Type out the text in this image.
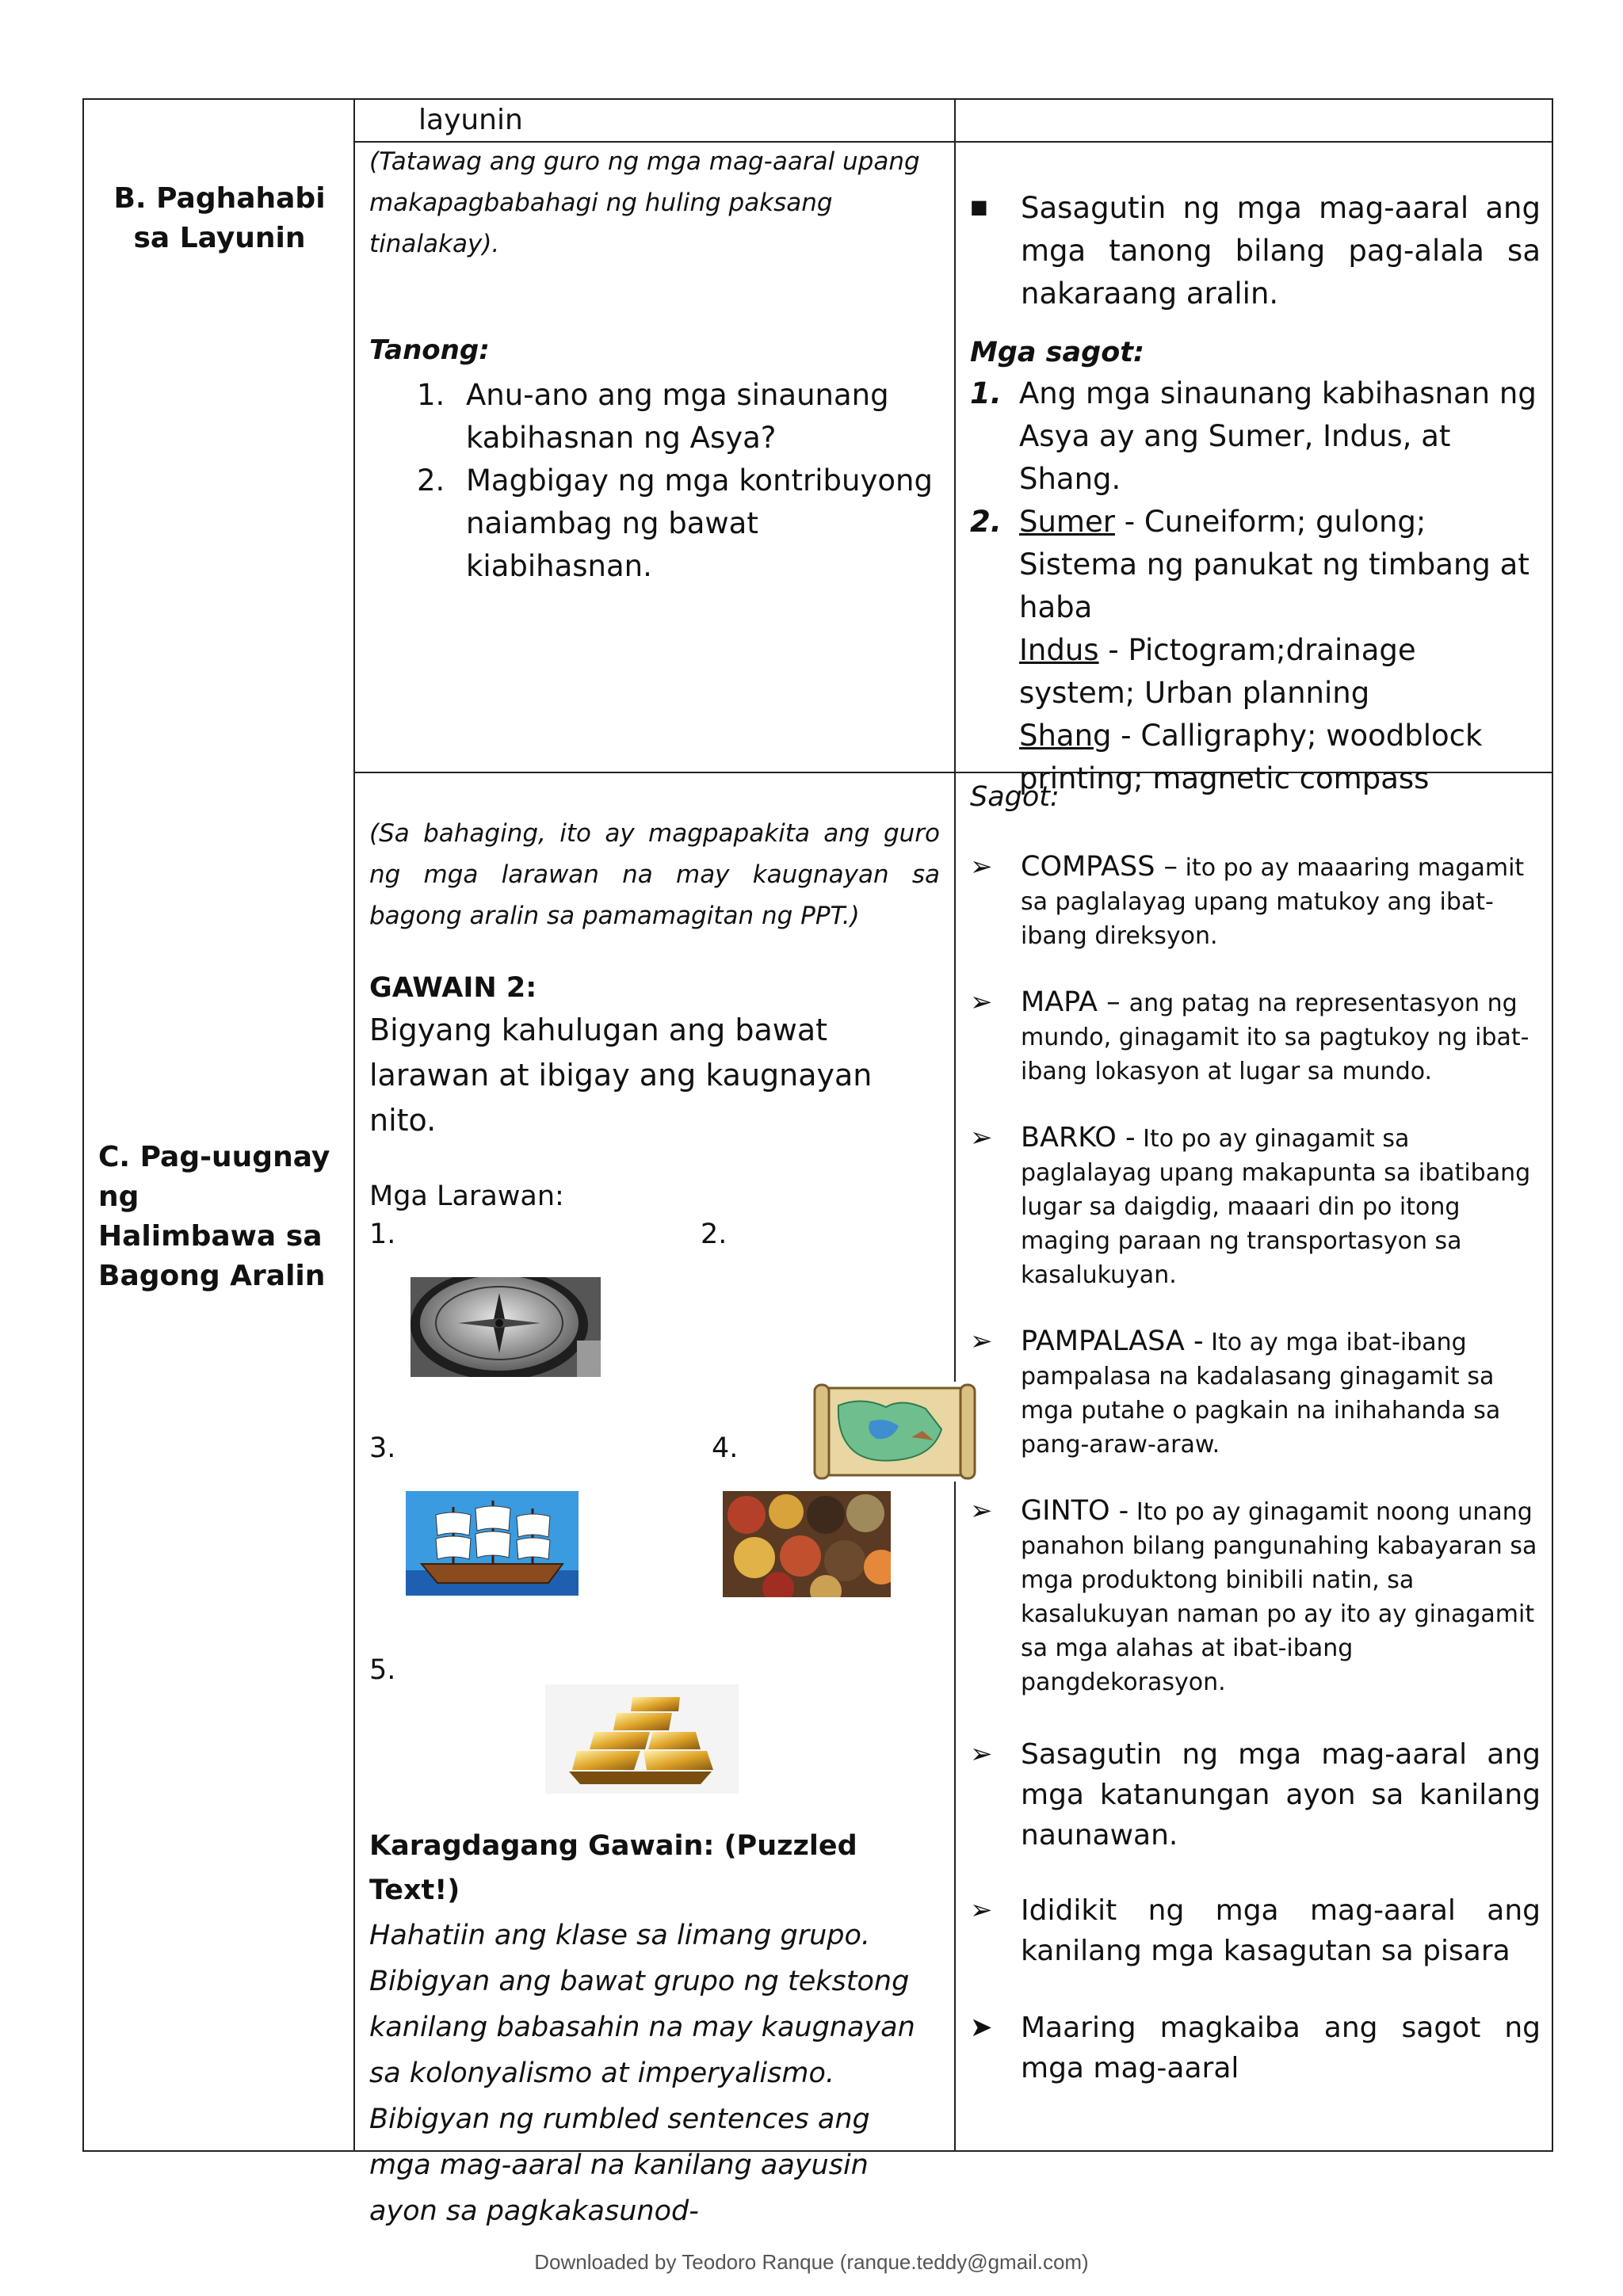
B. Paghahabi sa Layunin
C. Pag-uugnay ng
Halimbawa sa
Bagong Aralin
layunin
(Tatawag ang guro ng mga mag-aaral upang makapagbabahagi ng huling paksang tinalakay).
Tanong:
1. Anu-ano ang mga sinaunang kabihasnan ng Asya?
2. Magbigay ng mga kontribuyong naiambag ng bawat kiabihasnan.
■ Sasagutin ng mga mag-aaral ang mga tanong bilang pag-alala sa nakaraang aralin.
Mga sagot:
1. Ang mga sinaunang kabihasnan ng Asya ay ang Sumer, Indus, at Shang.
2. Sumer - Cuneiform; gulong; Sistema ng panukat ng timbang at haba
Indus - Pictogram;drainage system; Urban planning
Shang - Calligraphy; woodblock printing; magnetic compass
(Sa bahaging, ito ay magpapakita ang guro ng mga larawan na may kaugnayan sa bagong aralin sa pamamagitan ng PPT.)
GAWAIN 2:
Bigyang kahulugan ang bawat larawan at ibigay ang kaugnayan nito.
Mga Larawan:
1.	2.
3.	4.
5.
Karagdagang Gawain: (Puzzled Text!)
Hahatiin ang klase sa limang grupo. Bibigyan ang bawat grupo ng tekstong kanilang babasahin na may kaugnayan sa kolonyalismo at imperyalismo. Bibigyan ng rumbled sentences ang mga mag-aaral na kanilang aayusin ayon sa pagkakasunod-
Sagot:
➢ COMPASS – ito po ay maaaring magamit sa paglalayag upang matukoy ang ibat-ibang direksyon.
➢ MAPA – ang patag na representasyon ng mundo, ginagamit ito sa pagtukoy ng ibat-ibang lokasyon at lugar sa mundo.
➢ BARKO - Ito po ay ginagamit sa paglalayag upang makapunta sa ibatibang lugar sa daigdig, maaari din po itong maging paraan ng transportasyon sa kasalukuyan.
➢ PAMPALASA - Ito ay mga ibat-ibang pampalasa na kadalasang ginagamit sa mga putahe o pagkain na inihahanda sa pang-araw-araw.
➢ GINTO - Ito po ay ginagamit noong unang panahon bilang pangunahing kabayaran sa mga produktong binibili natin, sa kasalukuyan naman po ay ito ay ginagamit sa mga alahas at ibat-ibang pangdekorasyon.
➢ Sasagutin ng mga mag-aaral ang mga katanungan ayon sa kanilang naunawan.
➢ Ididikit ng mga mag-aaral ang kanilang mga kasagutan sa pisara
➤ Maaring magkaiba ang sagot ng mga mag-aaral
Downloaded by Teodoro Ranque (ranque.teddy@gmail.com)
